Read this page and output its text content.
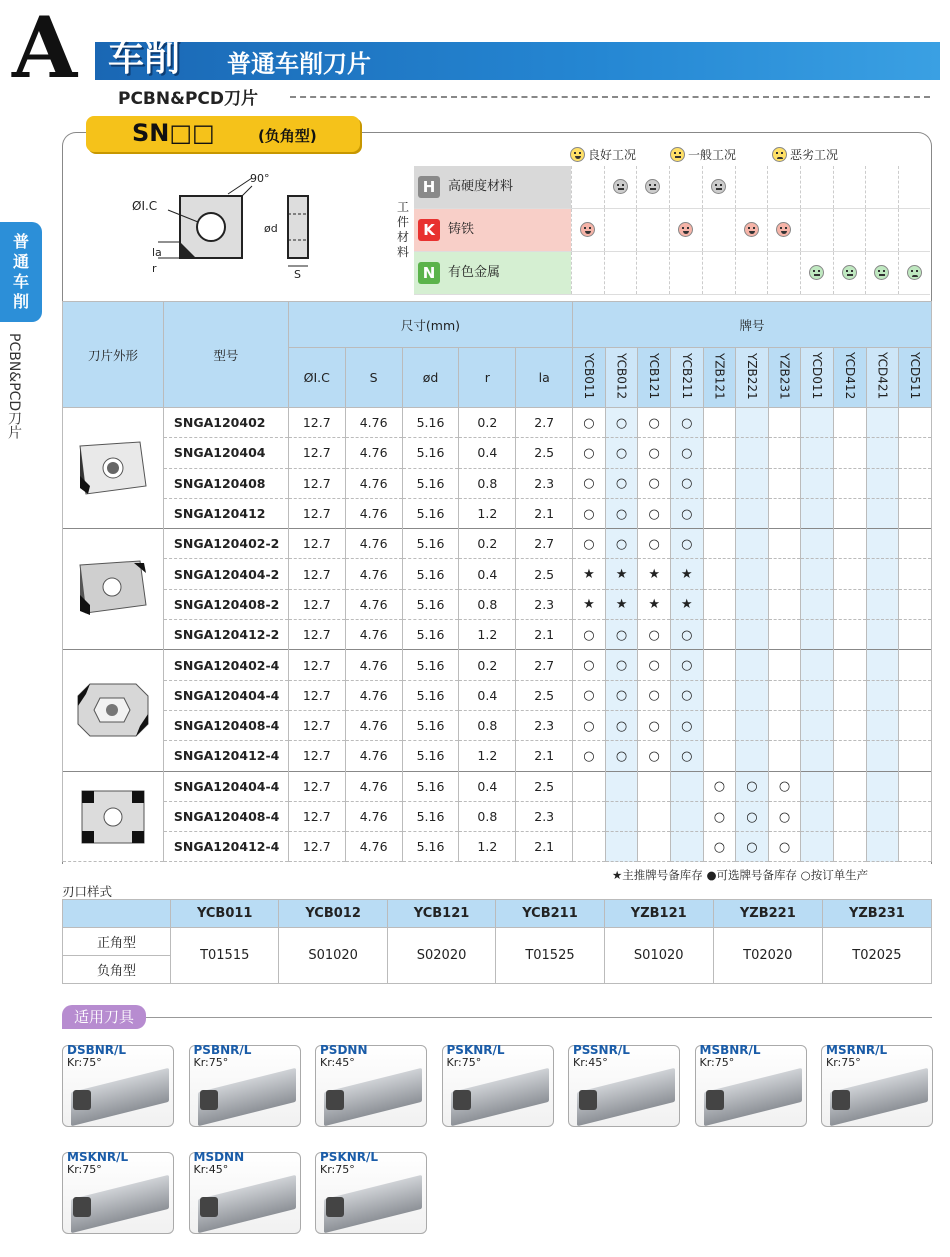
A 车削 普通车削刀片
PCBN&PCD刀片
普通车削
PCBN&PCD刀片
SN□□	(负角型)
良好工况	一般工况	恶劣工况
ØI.C
90°
ød
la
r	S
工件材料
H 高硬度材料
K	铸铁
N 有色金属
刀片外形	型号	尺寸(mm)					牌号										
		ØI.C	S	ød	r	la	YCB011	YCB012	YCB121	YCB211	YZB121	YZB221	YZB231	YCD011	YCD412	YCD421	YCD511

	SNGA120402	12.7	4.76	5.16	0.2	2.7	○	○	○	○							
	SNGA120404	12.7	4.76	5.16	0.4	2.5	○	○	○	○							
	SNGA120408	12.7	4.76	5.16	0.8	2.3	○	○	○	○							
	SNGA120412	12.7	4.76	5.16	1.2	2.1	○	○	○	○							

	SNGA120402-2	12.7	4.76	5.16	0.2	2.7	○	○	○	○							
	SNGA120404-2	12.7	4.76	5.16	0.4	2.5	★	★	★	★							
	SNGA120408-2	12.7	4.76	5.16	0.8	2.3	★	★	★	★							
	SNGA120412-2	12.7	4.76	5.16	1.2	2.1	○	○	○	○							

	SNGA120402-4	12.7	4.76	5.16	0.2	2.7	○	○	○	○							
	SNGA120404-4	12.7	4.76	5.16	0.4	2.5	○	○	○	○							
	SNGA120408-4	12.7	4.76	5.16	0.8	2.3	○	○	○	○							
	SNGA120412-4	12.7	4.76	5.16	1.2	2.1	○	○	○	○							

	SNGA120404-4	12.7	4.76	5.16	0.4	2.5					○	○	○				
	SNGA120408-4	12.7	4.76	5.16	0.8	2.3					○	○	○				
	SNGA120412-4	12.7	4.76	5.16	1.2	2.1					○	○	○				
★主推牌号备库存 ●可选牌号备库存 ○按订单生产
刃口样式
	YCB011	YCB012	YCB121	YCB211	YZB121	YZB221	YZB231
正角型	T01515	S01020	S02020	T01525	S01020	T02020	T02025
负角型							
适用刀具
DSBNR/L
Kr:75°
PSBNR/L
Kr:75°
PSDNN
Kr:45°
PSKNR/L
Kr:75°
PSSNR/L
Kr:45°
MSBNR/L
Kr:75°
MSRNR/L
Kr:75°
MSKNR/L
Kr:75°
MSDNN
Kr:45°
PSKNR/L
Kr:75°
